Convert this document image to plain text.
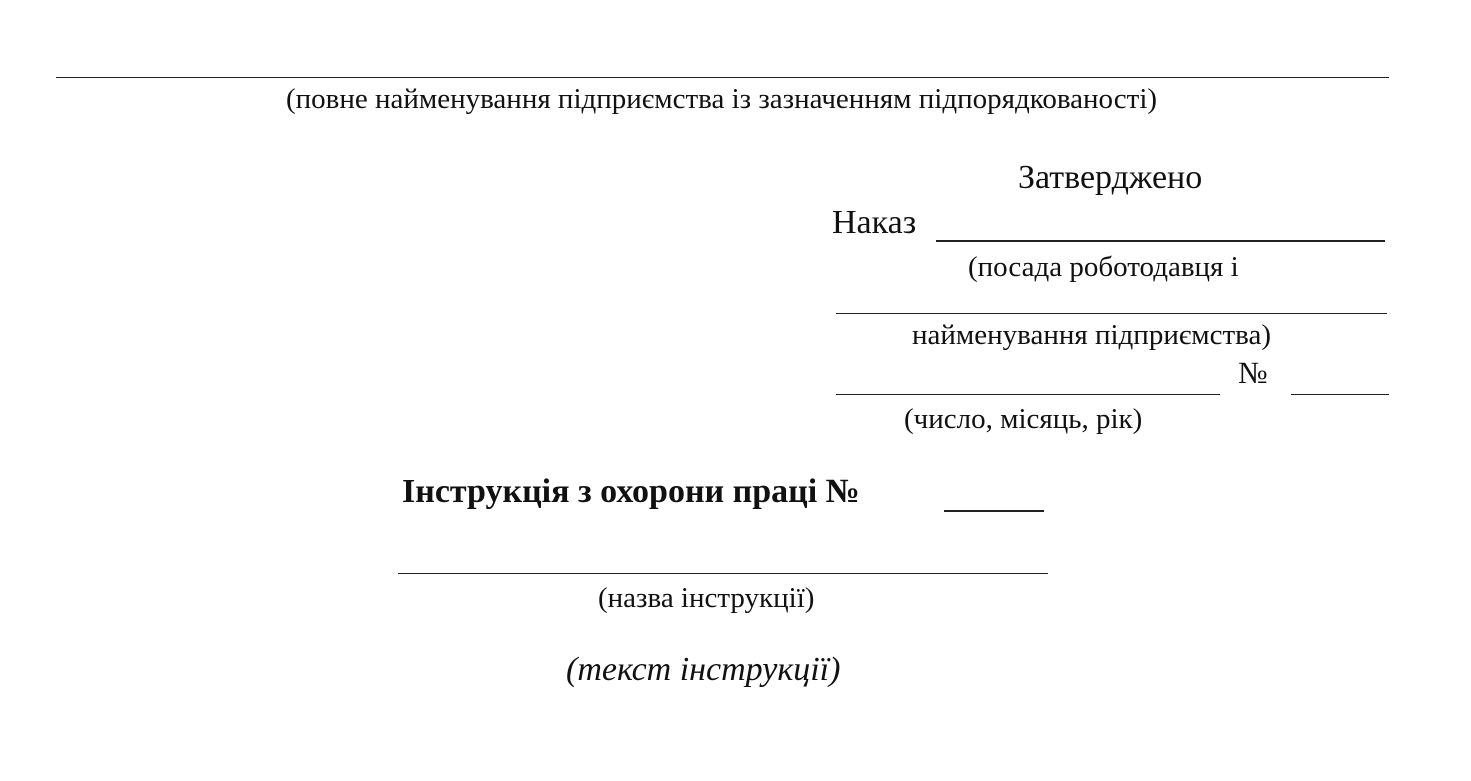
(повне найменування підприємства із зазначенням підпорядкованості)
Затверджено
Наказ
(посада роботодавця і
найменування підприємства)
№
(число, місяць, рік)
Інструкція з охорони праці №
(назва інструкції)
(текст інструкції)
